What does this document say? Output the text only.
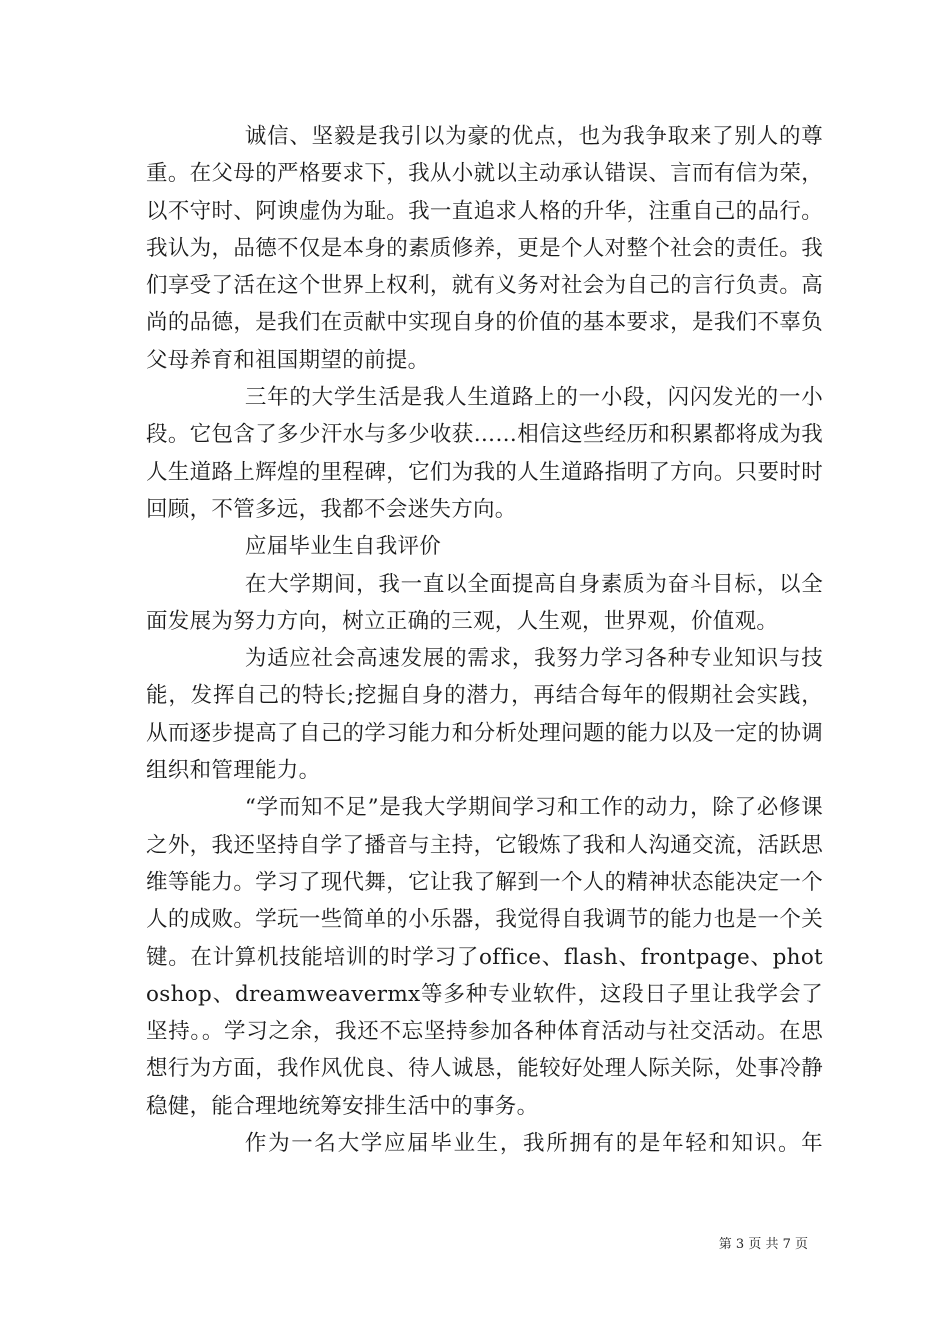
诚信、坚毅是我引以为豪的优点，也为我争取来了别人的尊重。在父母的严格要求下，我从小就以主动承认错误、言而有信为荣，以不守时、阿谀虚伪为耻。我一直追求人格的升华，注重自己的品行。我认为，品德不仅是本身的素质修养，更是个人对整个社会的责任。我们享受了活在这个世界上权利，就有义务对社会为自己的言行负责。高尚的品德，是我们在贡献中实现自身的价值的基本要求，是我们不辜负父母养育和祖国期望的前提。

三年的大学生活是我人生道路上的一小段，闪闪发光的一小段。它包含了多少汗水与多少收获……相信这些经历和积累都将成为我人生道路上辉煌的里程碑，它们为我的人生道路指明了方向。只要时时回顾，不管多远，我都不会迷失方向。

应届毕业生自我评价

在大学期间，我一直以全面提高自身素质为奋斗目标，以全面发展为努力方向，树立正确的三观，人生观，世界观，价值观。

为适应社会高速发展的需求，我努力学习各种专业知识与技能，发挥自己的特长;挖掘自身的潜力，再结合每年的假期社会实践，从而逐步提高了自己的学习能力和分析处理问题的能力以及一定的协调组织和管理能力。

“学而知不足”是我大学期间学习和工作的动力，除了必修课之外，我还坚持自学了播音与主持，它锻炼了我和人沟通交流，活跃思维等能力。学习了现代舞，它让我了解到一个人的精神状态能决定一个人的成败。学玩一些简单的小乐器，我觉得自我调节的能力也是一个关键。在计算机技能培训的时学习了office、flash、frontpage、photoshop、dreamweavermx等多种专业软件，这段日子里让我学会了坚持。。学习之余，我还不忘坚持参加各种体育活动与社交活动。在思想行为方面，我作风优良、待人诚恳，能较好处理人际关际，处事冷静稳健，能合理地统筹安排生活中的事务。

作为一名大学应届毕业生，我所拥有的是年轻和知识。年

第 3 页 共 7 页
